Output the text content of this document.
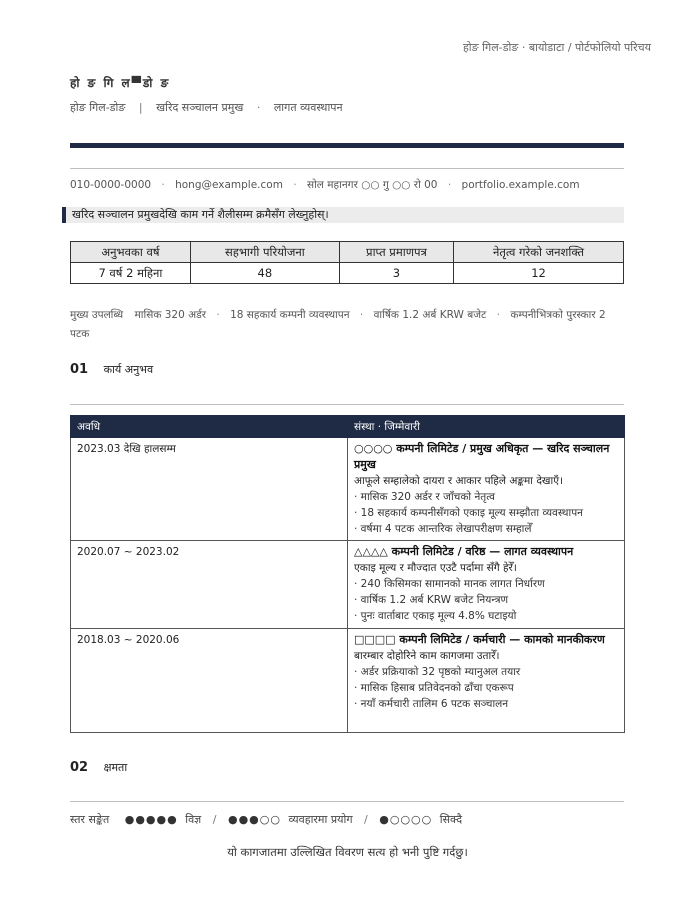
होङ गिल-डोङ · बायोडाटा / पोर्टफोलियो परिचय
हो ङ गि ल▀डो ङ
होङ गिल-डोङ | खरिद सञ्चालन प्रमुख · लागत व्यवस्थापन
010-0000-0000 · hong@example.com · सोल महानगर ○○ गु ○○ रो 00 · portfolio.example.com
खरिद सञ्चालन प्रमुखदेखि काम गर्ने शैलीसम्म क्रमैसँग लेख्नुहोस्।
अनुभवका वर्ष	सहभागी परियोजना	प्राप्त प्रमाणपत्र	नेतृत्व गरेको जनशक्ति
7 वर्ष 2 महिना	48	3	12
मुख्य उपलब्धि मासिक 320 अर्डर · 18 सहकार्य कम्पनी व्यवस्थापन · वार्षिक 1.2 अर्ब KRW बजेट · कम्पनीभित्रको पुरस्कार 2 पटक
01 कार्य अनुभव
अवधि	संस्था · जिम्मेवारी
2023.03 देखि हालसम्म	○○○○ कम्पनी लिमिटेड / प्रमुख अधिकृत — खरिद सञ्चालन प्रमुख
आफूले सम्हालेको दायरा र आकार पहिले अङ्कमा देखाएँ।
· मासिक 320 अर्डर र जाँचको नेतृत्व
· 18 सहकार्य कम्पनीसँगको एकाइ मूल्य सम्झौता व्यवस्थापन
· वर्षमा 4 पटक आन्तरिक लेखापरीक्षण सम्हालेँ

2020.07 ~ 2023.02	△△△△ कम्पनी लिमिटेड / वरिष्ठ — लागत व्यवस्थापन
एकाइ मूल्य र मौज्दात एउटै पर्दामा सँगै हेरेँ।
· 240 किसिमका सामानको मानक लागत निर्धारण
· वार्षिक 1.2 अर्ब KRW बजेट नियन्त्रण
· पुनः वार्ताबाट एकाइ मूल्य 4.8% घटाइयो

2018.03 ~ 2020.06	□□□□ कम्पनी लिमिटेड / कर्मचारी — कामको मानकीकरण
बारम्बार दोहोरिने काम कागजमा उतारेँ।
· अर्डर प्रक्रियाको 32 पृष्ठको म्यानुअल तयार
· मासिक हिसाब प्रतिवेदनको ढाँचा एकरूप
· नयाँ कर्मचारी तालिम 6 पटक सञ्चालन
02 क्षमता
स्तर सङ्केत ●●●●● विज्ञ / ●●●○○ व्यवहारमा प्रयोग / ●○○○○ सिक्दै
यो कागजातमा उल्लिखित विवरण सत्य हो भनी पुष्टि गर्दछु।
